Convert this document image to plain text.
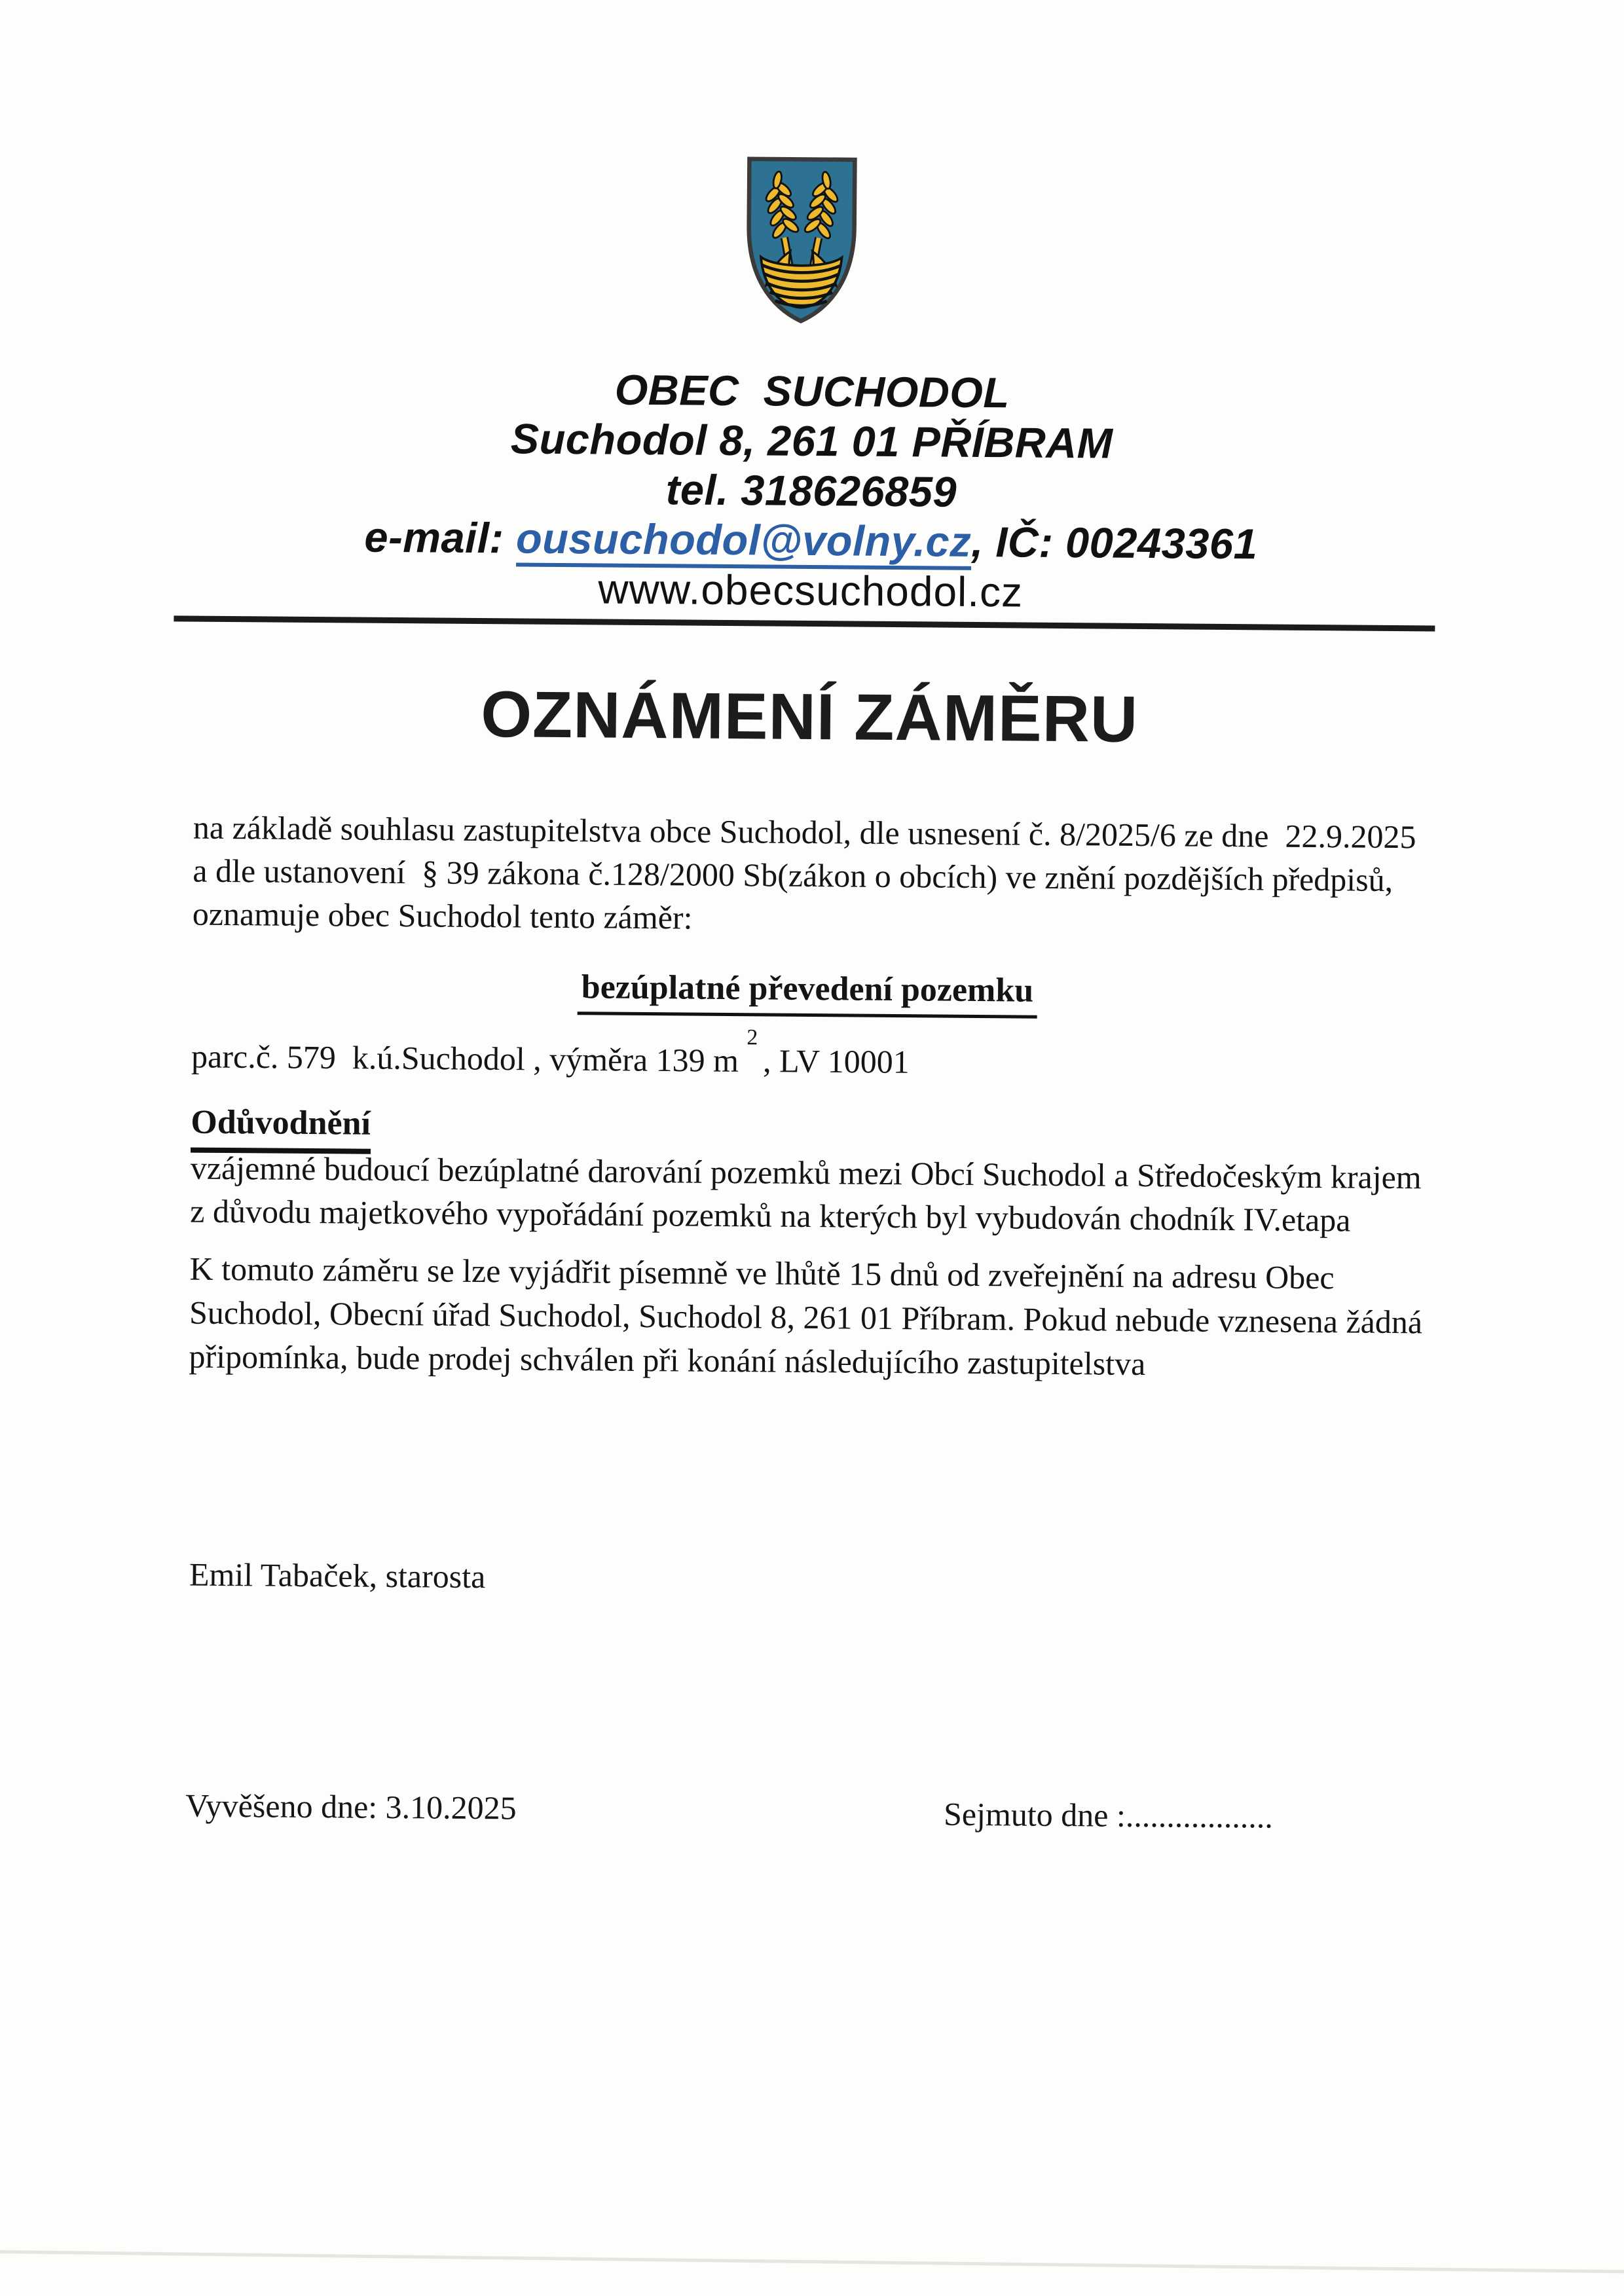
OBEC  SUCHODOL
Suchodol 8, 261 01 PŘÍBRAM
tel. 318626859
e-mail: ousuchodol@volny.cz, IČ: 00243361
www.obecsuchodol.cz
OZNÁMENÍ ZÁMĚRU
na základě souhlasu zastupitelstva obce Suchodol, dle usnesení č. 8/2025/6 ze dne  22.9.2025
a dle ustanovení  § 39 zákona č.128/2000 Sb(zákon o obcích) ve znění pozdějších předpisů,
oznamuje obec Suchodol tento záměr:
bezúplatné převedení pozemku
parc.č. 579  k.ú.Suchodol , výměra 139 $m^2$, LV 10001
Odůvodnění
vzájemné budoucí bezúplatné darování pozemků mezi Obcí Suchodol a Středočeským krajem
z důvodu majetkového vypořádání pozemků na kterých byl vybudován chodník IV.etapa
K tomuto záměru se lze vyjádřit písemně ve lhůtě 15 dnů od zveřejnění na adresu Obec
Suchodol, Obecní úřad Suchodol, Suchodol 8, 261 01 Příbram. Pokud nebude vznesena žádná
připomínka, bude prodej schválen při konání následujícího zastupitelstva
Emil Tabaček, starosta
Vyvěšeno dne: 3.10.2025	Sejmuto dne :..................
